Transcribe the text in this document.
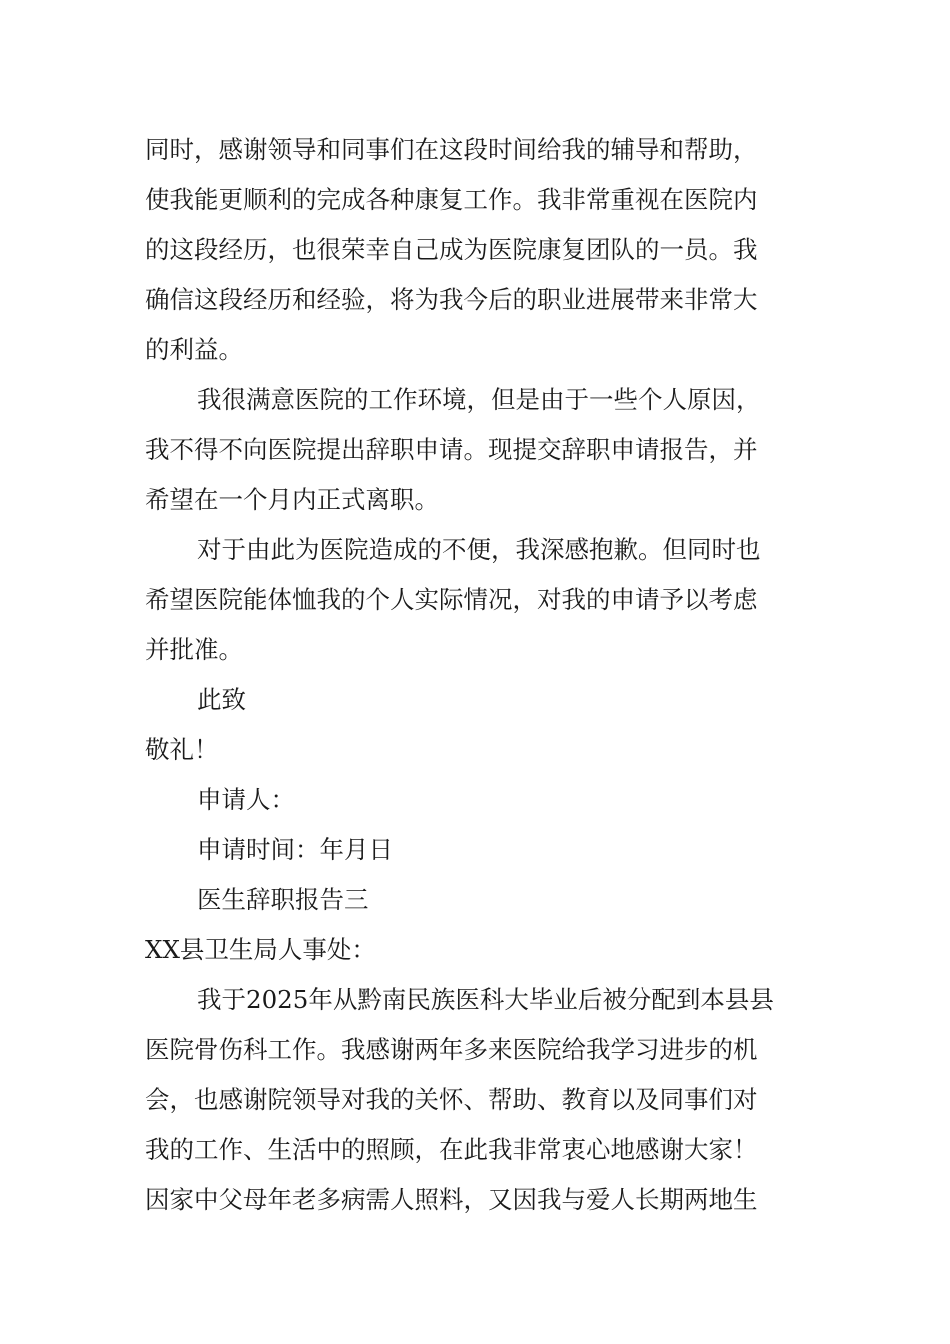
同时，感谢领导和同事们在这段时间给我的辅导和帮助，
使我能更顺利的完成各种康复工作。我非常重视在医院内
的这段经历，也很荣幸自己成为医院康复团队的一员。我
确信这段经历和经验，将为我今后的职业进展带来非常大
的利益。
我很满意医院的工作环境，但是由于一些个人原因，
我不得不向医院提出辞职申请。现提交辞职申请报告，并
希望在一个月内正式离职。
对于由此为医院造成的不便，我深感抱歉。但同时也
希望医院能体恤我的个人实际情况，对我的申请予以考虑
并批准。
此致
敬礼！
申请人：
申请时间：年月日
医生辞职报告三
XX县卫生局人事处：
我于2025年从黔南民族医科大毕业后被分配到本县县
医院骨伤科工作。我感谢两年多来医院给我学习进步的机
会，也感谢院领导对我的关怀、帮助、教育以及同事们对
我的工作、生活中的照顾，在此我非常衷心地感谢大家！
因家中父母年老多病需人照料，又因我与爱人长期两地生
